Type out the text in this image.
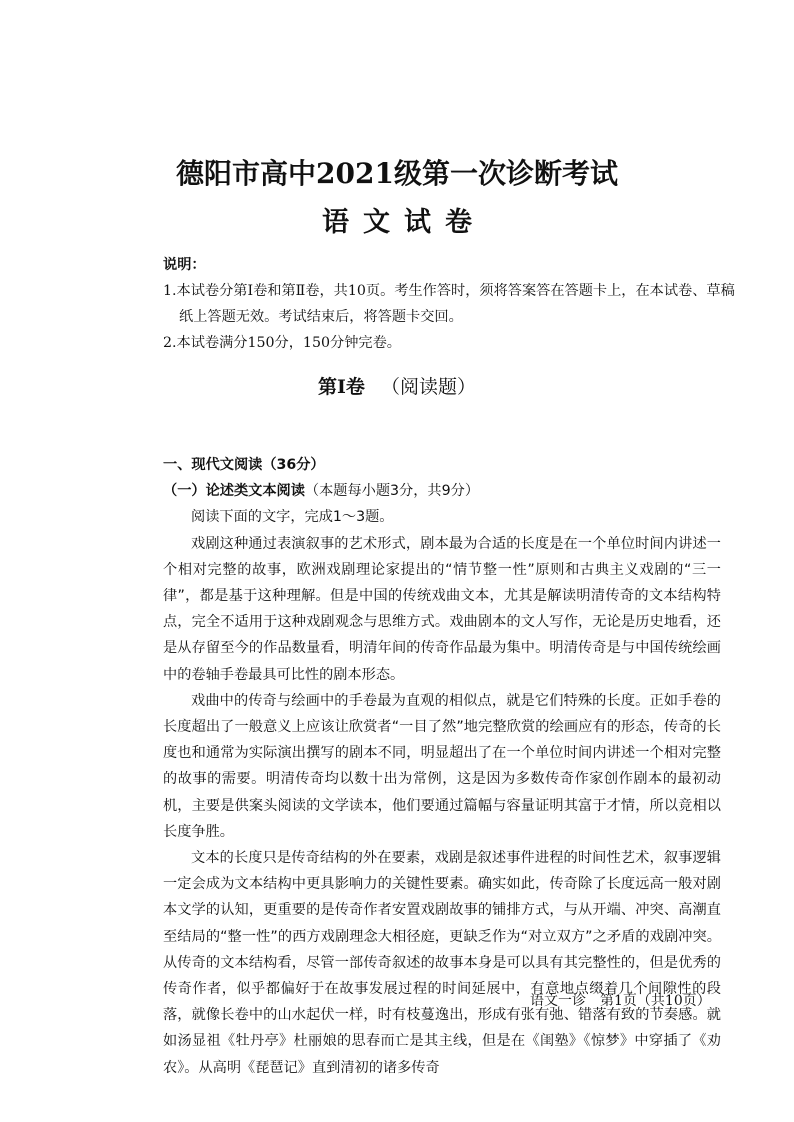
德阳市高中2021级第一次诊断考试
语文试卷
说明：
1.本试卷分第Ⅰ卷和第Ⅱ卷，共10页。考生作答时，须将答案答在答题卡上，在本试卷、草稿
纸上答题无效。考试结束后，将答题卡交回。
2.本试卷满分150分，150分钟完卷。
第Ⅰ卷 （阅读题）
一、现代文阅读（36分）
（一）论述类文本阅读（本题每小题3分，共9分）

阅读下面的文字，完成1～3题。

戏剧这种通过表演叙事的艺术形式，剧本最为合适的长度是在一个单位时间内讲述一个相对完整的故事，欧洲戏剧理论家提出的“情节整一性”原则和古典主义戏剧的“三一律”，都是基于这种理解。但是中国的传统戏曲文本，尤其是解读明清传奇的文本结构特点，完全不适用于这种戏剧观念与思维方式。戏曲剧本的文人写作，无论是历史地看，还是从存留至今的作品数量看，明清年间的传奇作品最为集中。明清传奇是与中国传统绘画中的卷轴手卷最具可比性的剧本形态。

戏曲中的传奇与绘画中的手卷最为直观的相似点，就是它们特殊的长度。正如手卷的长度超出了一般意义上应该让欣赏者“一目了然”地完整欣赏的绘画应有的形态，传奇的长度也和通常为实际演出撰写的剧本不同，明显超出了在一个单位时间内讲述一个相对完整的故事的需要。明清传奇均以数十出为常例，这是因为多数传奇作家创作剧本的最初动机，主要是供案头阅读的文学读本，他们要通过篇幅与容量证明其富于才情，所以竞相以长度争胜。

文本的长度只是传奇结构的外在要素，戏剧是叙述事件进程的时间性艺术，叙事逻辑一定会成为文本结构中更具影响力的关键性要素。确实如此，传奇除了长度远高一般对剧本文学的认知，更重要的是传奇作者安置戏剧故事的铺排方式，与从开端、冲突、高潮直至结局的“整一性”的西方戏剧理念大相径庭，更缺乏作为“对立双方”之矛盾的戏剧冲突。从传奇的文本结构看，尽管一部传奇叙述的故事本身是可以具有其完整性的，但是优秀的传奇作者，似乎都偏好于在故事发展过程的时间延展中，有意地点缀着几个间隙性的段落，就像长卷中的山水起伏一样，时有枝蔓逸出，形成有张有弛、错落有致的节奏感。就如汤显祖《牡丹亭》杜丽娘的思春而亡是其主线，但是在《闺塾》《惊梦》中穿插了《劝农》。从高明《琵琶记》直到清初的诸多传奇

语文一诊　第1页（共10页）
